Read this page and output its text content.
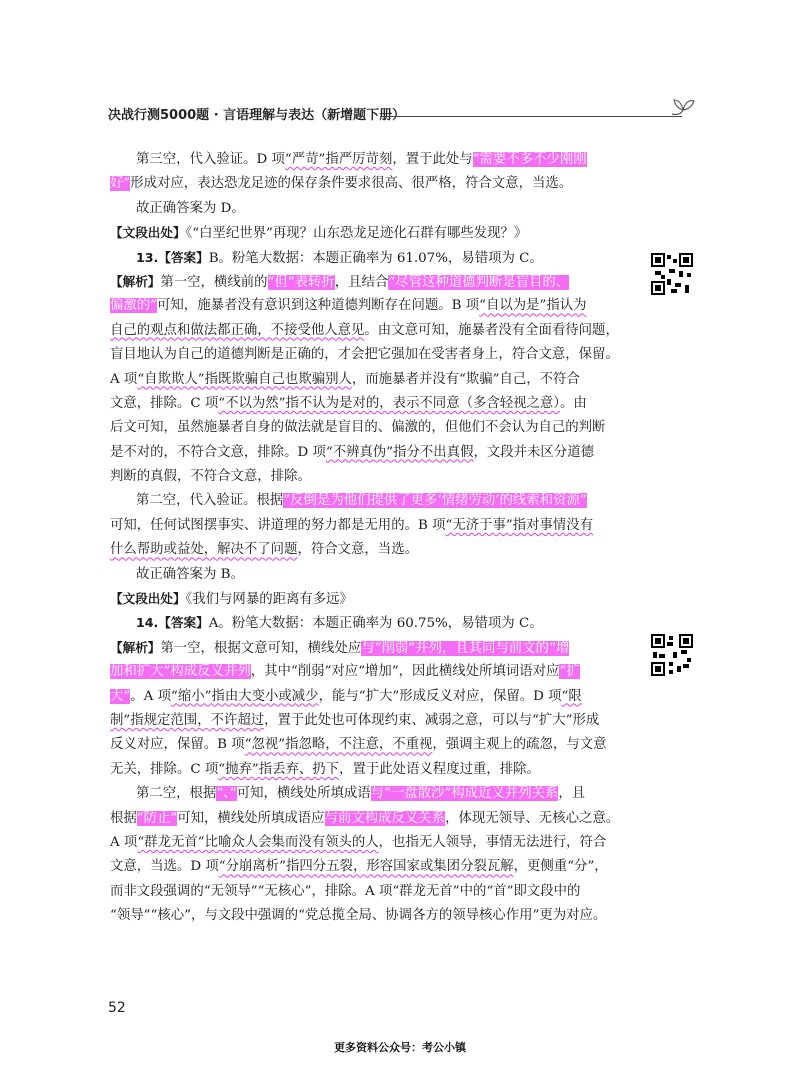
决战行测5000题 · 言语理解与表达（新增题下册）
第三空，代入验证。D 项“严苛”指严厉苛刻，置于此处与“需要不多不少刚刚
好”形成对应，表达恐龙足迹的保存条件要求很高、很严格，符合文意，当选。
故正确答案为 D。
【文段出处】《“白垩纪世界”再现？山东恐龙足迹化石群有哪些发现？》
13.【答案】B。粉笔大数据：本题正确率为 61.07%，易错项为 C。
【解析】第一空，横线前的“但”表转折，且结合“尽管这种道德判断是盲目的、
偏激的”可知，施暴者没有意识到这种道德判断存在问题。B 项“自以为是”指认为
自己的观点和做法都正确，不接受他人意见。由文意可知，施暴者没有全面看待问题，
盲目地认为自己的道德判断是正确的，才会把它强加在受害者身上，符合文意，保留。
A 项“自欺欺人”指既欺骗自己也欺骗别人，而施暴者并没有“欺骗”自己，不符合
文意，排除。C 项“不以为然”指不认为是对的，表示不同意（多含轻视之意）。由
后文可知，虽然施暴者自身的做法就是盲目的、偏激的，但他们不会认为自己的判断
是不对的，不符合文意，排除。D 项“不辨真伪”指分不出真假，文段并未区分道德
判断的真假，不符合文意，排除。
第二空，代入验证。根据“反倒是为他们提供了更多‘情绪劳动’的线索和资源”
可知，任何试图摆事实、讲道理的努力都是无用的。B 项“无济于事”指对事情没有
什么帮助或益处，解决不了问题，符合文意，当选。
故正确答案为 B。
【文段出处】《我们与网暴的距离有多远》
14.【答案】A。粉笔大数据：本题正确率为 60.75%，易错项为 C。
【解析】第一空，根据文意可知，横线处应与“削弱”并列，且其同与前文的“增
加和扩大”构成反义并列，其中“削弱”对应“增加”，因此横线处所填词语对应“扩
大”。A 项“缩小”指由大变小或减少，能与“扩大”形成反义对应，保留。D 项“限
制”指规定范围，不许超过，置于此处也可体现约束、减弱之意，可以与“扩大”形成
反义对应，保留。B 项“忽视”指忽略，不注意，不重视，强调主观上的疏忽，与文意
无关，排除。C 项“抛弃”指丢弃、扔下，置于此处语义程度过重，排除。
第二空，根据“、”可知，横线处所填成语与“一盘散沙”构成近义并列关系，且
根据“防止”可知，横线处所填成语应与前文构成反义关系，体现无领导、无核心之意。
A 项“群龙无首”比喻众人会集而没有领头的人，也指无人领导，事情无法进行，符合
文意，当选。D 项“分崩离析”指四分五裂，形容国家或集团分裂瓦解，更侧重“分”，
而非文段强调的“无领导”“无核心”，排除。A 项“群龙无首”中的“首”即文段中的
“领导”“核心”，与文段中强调的“党总揽全局、协调各方的领导核心作用”更为对应。
52
更多资料公众号：考公小镇
